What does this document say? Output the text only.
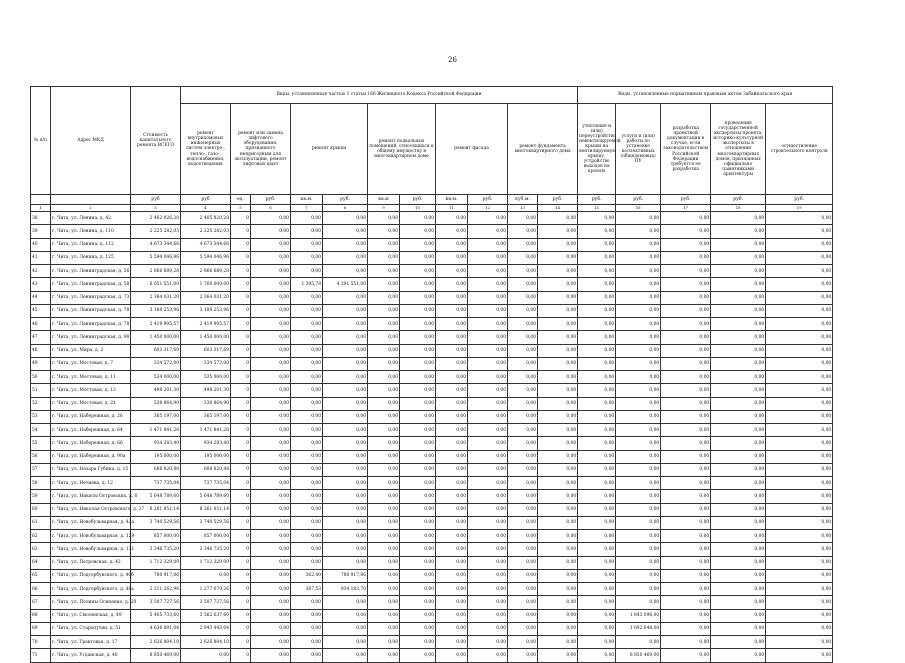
26
№ п/п	Адрес МКД	Стоимость капитального ремонта ВСЕГО	Виды, установленные частью 1 статьи 166 Жилищного Кодекса Российской Федерации											Виды, установленные нормативным правовым актом Забайкальского края				
			ремонт внутридомовых инженерных систем электро-, тепло-, газо-, водоснабжения, водоотведения	ремонт или замена лифтового оборудования, признанного непригодным для эксплуатации, ремонт лифтовых шахт		ремонт крыши		ремонт подвальных помещений, относящихся к общему имуществу в многоквартирном доме		ремонт фасада		ремонт фундамента многоквартирного дома		утепление и (или) переустройство невентилируемой крыши на вентилируемую крышу, устройство выходов на кровлю	услуги и (или) работы по установке коллективных (общедомовых) ПУ	разработка проектной документации в случае, если законодательством Российской Федерации требуется ее разработка	проведение государственной экспертизы проекта, историко-культурной экспертизы в отношении многоквартирных домов, признанных официально памятниками архитектуры	осуществление строительного контроля
		руб	руб	ед.	руб.	кв.м.	руб.	кв.м	руб.	кв.м.	руб.	куб.м.	руб.	руб.	руб.	руб.	руб.	руб.
1	2	3	4	5	6	7	8	9	10	11	12	13	14	15	16	17	18	19
38	г. Чита, ул. Ленина, д. 42	2 462 026,28	2 405 820,28	0	0,00	0,00	0,00	0,00	0,00	0,00	0,00	0,00	0,00	0,00	0,00	0,00	0,00	0,00
39	г. Чита, ул. Ленина, д. 110	2 225 282,03	2 225 282,03	0	0,00	0,00	0,00	0,00	0,00	0,00	0,00	0,00	0,00	0,00	0,00	0,00	0,00	0,00
40	г. Чита, ул. Ленина, д. 112	4 673 344,66	4 673 344,66	0	0,00	0,00	0,00	0,00	0,00	0,00	0,00	0,00	0,00	0,00	0,00	0,00	0,00	0,00
41	г. Чита, ул. Ленина, д. 125	5 594 046,96	5 594 046,96	0	0,00	0,00	0,00	0,00	0,00	0,00	0,00	0,00	0,00	0,00	0,00	0,00	0,00	0,00
42	г. Чита, ул. Ленинградская, д. 56	2 866 689,28	2 866 689,28	0	0,00	0,00	0,00	0,00	0,00	0,00	0,00	0,00	0,00	0,00	0,00	0,00	0,00	0,00
43	г. Чита, ул. Ленинградская, д. 58	6 051 551,00	1 760 000,00	0	0,00	1 395,78	4 291 551,00	0,00	0,00	0,00	0,00	0,00	0,00	0,00	0,00	0,00	0,00	0,00
44	г. Чита, ул. Ленинградская, д. 73	2 364 031,20	2 364 031,20	0	0,00	0,00	0,00	0,00	0,00	0,00	0,00	0,00	0,00	0,00	0,00	0,00	0,00	0,00
45	г. Чита, ул. Ленинградская, д. 78	3 188 253,96	3 188 253,96	0	0,00	0,00	0,00	0,00	0,00	0,00	0,00	0,00	0,00	0,00	0,00	0,00	0,00	0,00
46	г. Чита, ул. Ленинградская, д. 78	2 419 905,57	2 419 905,57	0	0,00	0,00	0,00	0,00	0,00	0,00	0,00	0,00	0,00	0,00	0,00	0,00	0,00	0,00
47	г. Чита, ул. Ленинградская, д. 98	1 450 000,00	1 450 000,00	0	0,00	0,00	0,00	0,00	0,00	0,00	0,00	0,00	0,00	0,00	0,00	0,00	0,00	0,00
48	г. Чита, ул. Мира, д. 2	603 317,69	603 317,69	0	0,00	0,00	0,00	0,00	0,00	0,00	0,00	0,00	0,00	0,00	0,00	0,00	0,00	0,00
49	г. Чита, ул. Мостовая, д. 7	334 572,00	334 572,00	0	0,00	0,00	0,00	0,00	0,00	0,00	0,00	0,00	0,00	0,00	0,00	0,00	0,00	0,00
50	г. Чита, ул. Мостовая, д. 11	534 000,00	535 000,00	0	0,00	0,00	0,00	0,00	0,00	0,00	0,00	0,00	0,00	0,00	0,00	0,00	0,00	0,00
51	г. Чита, ул. Мостовая, д. 13	498 201,30	498 201,30	0	0,00	0,00	0,00	0,00	0,00	0,00	0,00	0,00	0,00	0,00	0,00	0,00	0,00	0,00
52	г. Чита, ул. Мостовая, д. 21	538 864,90	336 864,90	0	0,00	0,00	0,00	0,00	0,00	0,00	0,00	0,00	0,00	0,00	0,00	0,00	0,00	0,00
53	г. Чита, ул. Набережная, д. 26	365 197,00	365 197,00	0	0,00	0,00	0,00	0,00	0,00	0,00	0,00	0,00	0,00	0,00	0,00	0,00	0,00	0,00
54	г. Чита, ул. Набережная, д. 64	1 471 841,28	1 471 841,28	0	0,00	0,00	0,00	0,00	0,00	0,00	0,00	0,00	0,00	0,00	0,00	0,00	0,00	0,00
55	г. Чита, ул. Набережная, д. 66	934 283,40	934 283,40	0	0,00	0,00	0,00	0,00	0,00	0,00	0,00	0,00	0,00	0,00	0,00	0,00	0,00	0,00
56	г. Чита, ул. Набережная, д. 90а	195 000,00	195 000,00	0	0,00	0,00	0,00	0,00	0,00	0,00	0,00	0,00	0,00	0,00	0,00	0,00	0,00	0,00
57	г. Чита, ул. Назара Губина, д. 15	688 820,48	688 820,48	0	0,00	0,00	0,00	0,00	0,00	0,00	0,00	0,00	0,00	0,00	0,00	0,00	0,00	0,00
58	г. Чита, ул. Нечаева, д. 12	737 735,04	737 735,04	0	0,00	0,00	0,00	0,00	0,00	0,00	0,00	0,00	0,00	0,00	0,00	0,00	0,00	0,00
59	г. Чита, ул. Никиты Островских, д. 6	5 648 789,60	5 648 789,60	0	0,00	0,00	0,00	0,00	0,00	0,00	0,00	0,00	0,00	0,00	0,00	0,00	0,00	0,00
60	г. Чита, ул. Николая Островского, д. 27	8 261 851,14	8 261 851,14	0	0,00	0,00	0,00	0,00	0,00	0,00	0,00	0,00	0,00	0,00	0,00	0,00	0,00	0,00
61	г. Чита, ул. Новобульварная, д. 42а	3 740 529,56	3 740 529,56	0	0,00	0,00	0,00	0,00	0,00	0,00	0,00	0,00	0,00	0,00	0,00	0,00	0,00	0,00
62	г. Чита, ул. Новобульварная, д. 129	857 000,00	857 000,00	0	0,00	0,00	0,00	0,00	0,00	0,00	0,00	0,00	0,00	0,00	0,00	0,00	0,00	0,00
63	г. Чита, ул. Новобульварная, д. 131	3 346 735,20	3 346 735,20	0	0,00	0,00	0,00	0,00	0,00	0,00	0,00	0,00	0,00	0,00	0,00	0,00	0,00	0,00
64	г. Чита, ул. Петровская, д. 42	1 712 329,09	1 712 329,09	0	0,00	0,00	0,00	0,00	0,00	0,00	0,00	0,00	0,00	0,00	0,00	0,00	0,00	0,00
65	г. Чита, ул. Подгорбунского, д. 40б	780 917,86	0,00	0	0,00	362,40	780 917,86	0,00	0,00	0,00	0,00	0,00	0,00	0,00	0,00	0,00	0,00	0,00
66	г. Чита, ул. Подгорбунского, д. 48а	2 211 262,96	1 277 079,26	0	0,00	367,53	934 183,70	0,00	0,00	0,00	0,00	0,00	0,00	0,00	0,00	0,00	0,00	0,00
67	г. Чита, ул. Полины Осипенко, д. 28	3 507 727,56	3 507 727,56	0	0,00	0,00	0,00	0,00	0,00	0,00	0,00	0,00	0,00	0,00	0,00	0,00	0,00	0,00
68	г. Чита, ул. Смоленская, д. 49	5 405 733,60	3 562 637,60	0	0,00	0,00	0,00	0,00	0,00	0,00	0,00	0,00	0,00	0,00	1 843 096,00	0,00	0,00	0,00
69	г. Чита, ул. Старопутин, д. 51	4 636 091,04	2 943 443,04	0	0,00	0,00	0,00	0,00	0,00	0,00	0,00	0,00	0,00	0,00	1 692 648,00	0,00	0,00	0,00
70	г. Чита, ул. Трактовая, д. 17	2 626 804,10	2 626 804,10	0	0,00	0,00	0,00	0,00	0,00	0,00	0,00	0,00	0,00	0,00	0,00	0,00	0,00	0,00
71	г. Чита, ул. Угданская, д. 40	8 850 469,00	0,00	0	0,00	0,00	0,00	0,00	0,00	0,00	0,00	0,00	0,00	0,00	8 850 469,00	0,00	0,00	0,00
